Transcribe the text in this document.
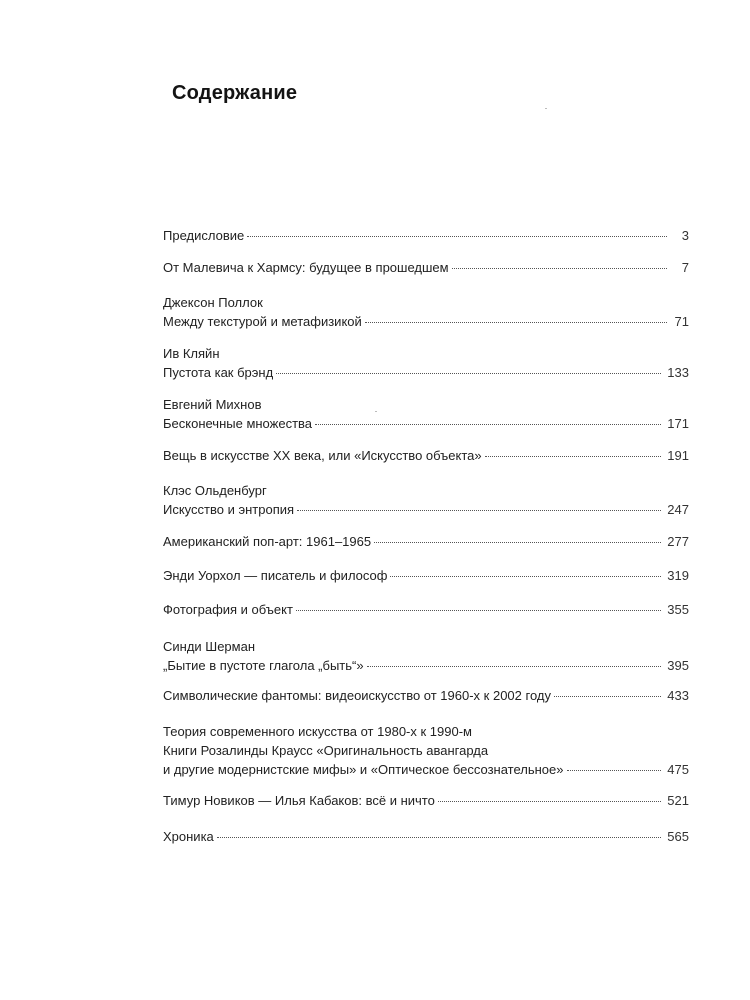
Содержание
Предисловие	3
От Малевича к Хармсу: будущее в прошедшем	7
Джексон Поллок
Между текстурой и метафизикой	71
Ив Кляйн
Пустота как брэнд	133
Евгений Михнов
Бесконечные множества	171
Вещь в искусстве XX века, или «Искусство объекта»	191
Клэс Ольденбург
Искусство и энтропия	247
Американский поп-арт: 1961–1965	277
Энди Уорхол — писатель и философ	319
Фотография и объект	355
Синди Шерман
„Бытие в пустоте глагола „быть“»	395
Символические фантомы: видеоискусство от 1960-х к 2002 году	433
Теория современного искусства от 1980-х к 1990-м
Книги Розалинды Краусс «Оригинальность авангарда
и другие модернистские мифы» и «Оптическое бессознательное»	475
Тимур Новиков — Илья Кабаков: всё и ничто	521
Хроника	565
